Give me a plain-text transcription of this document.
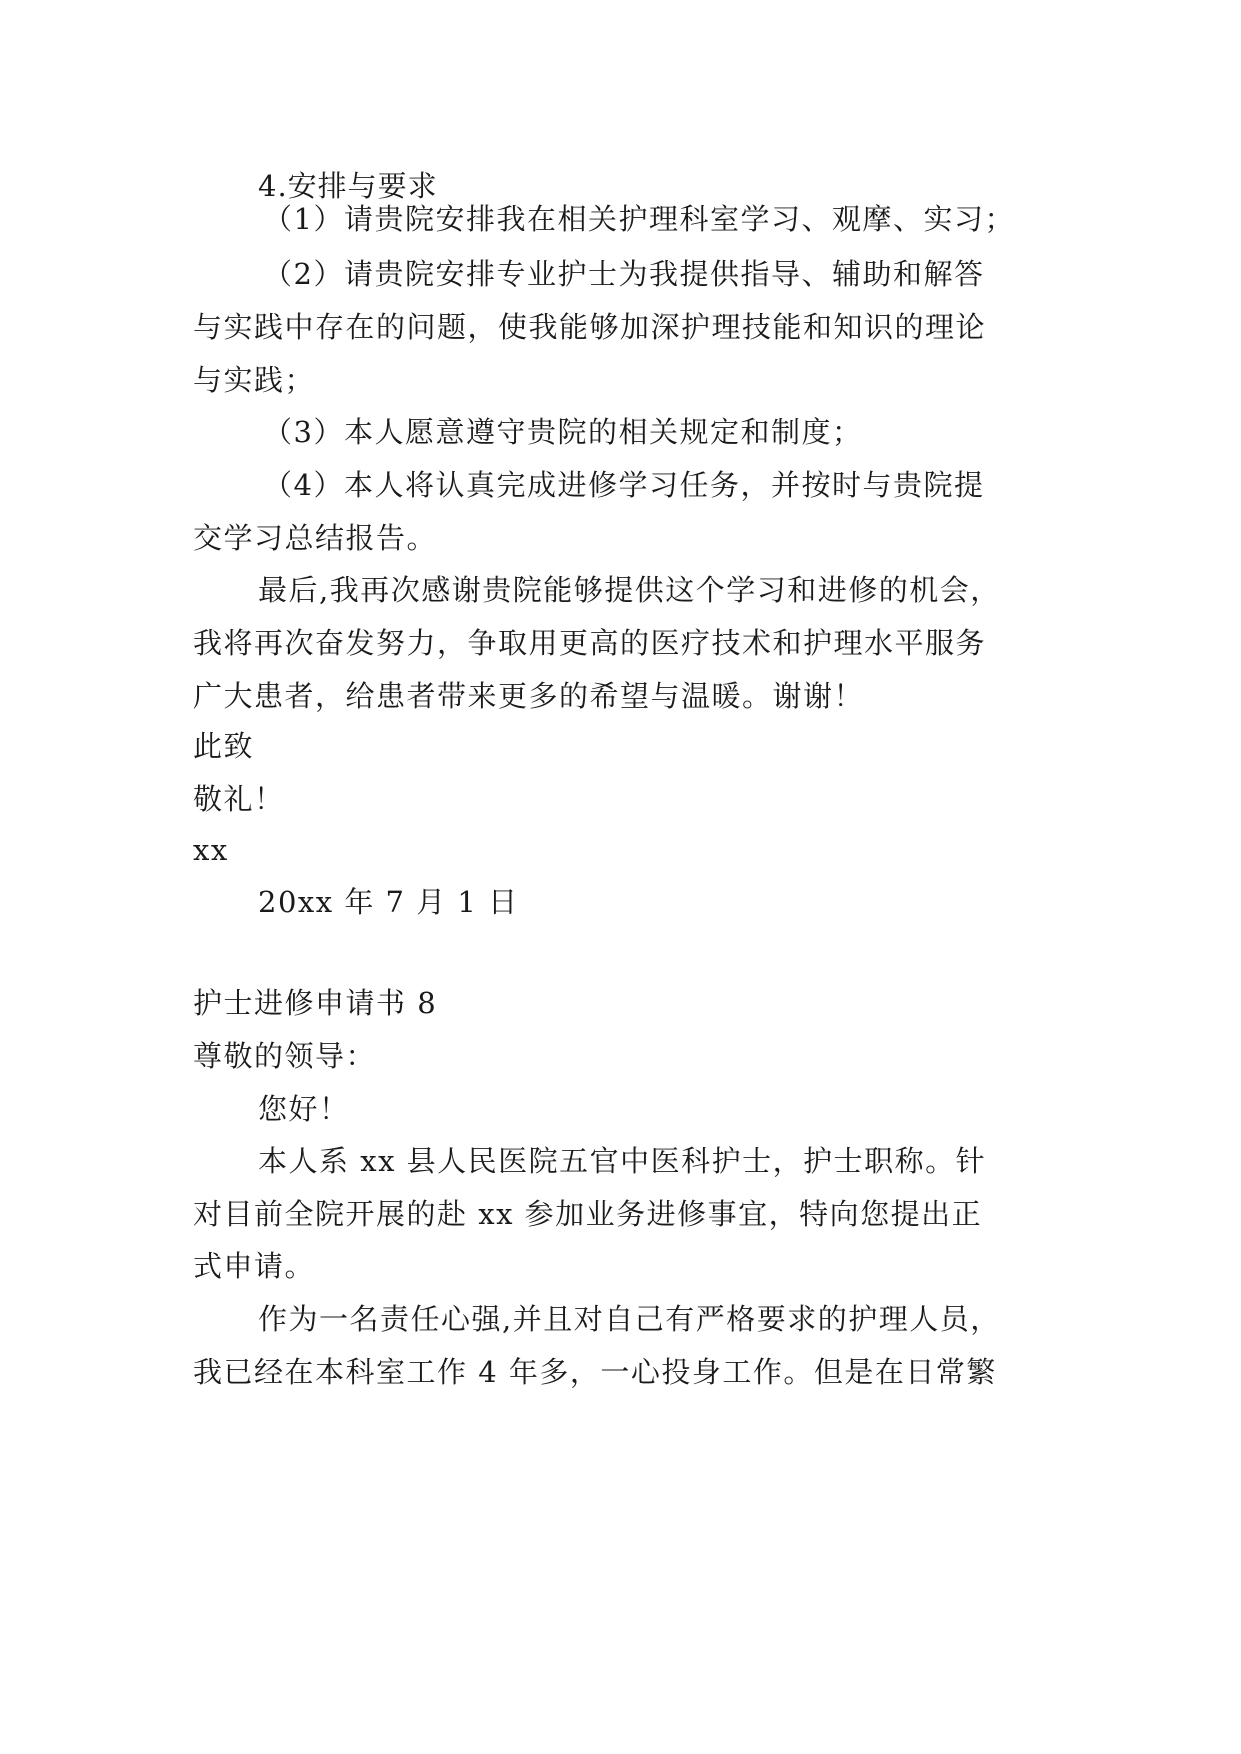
4.安排与要求
（1）请贵院安排我在相关护理科室学习、观摩、实习；
（2）请贵院安排专业护士为我提供指导、辅助和解答
与实践中存在的问题，使我能够加深护理技能和知识的理论
与实践；
（3）本人愿意遵守贵院的相关规定和制度；
（4）本人将认真完成进修学习任务，并按时与贵院提
交学习总结报告。
最后,我再次感谢贵院能够提供这个学习和进修的机会，
我将再次奋发努力，争取用更高的医疗技术和护理水平服务
广大患者，给患者带来更多的希望与温暖。谢谢！
此致
敬礼！
xx
20xx 年 7 月 1 日
护士进修申请书 8
尊敬的领导：
您好！
本人系 xx 县人民医院五官中医科护士，护士职称。针
对目前全院开展的赴 xx 参加业务进修事宜，特向您提出正
式申请。
作为一名责任心强,并且对自己有严格要求的护理人员，
我已经在本科室工作 4 年多，一心投身工作。但是在日常繁
